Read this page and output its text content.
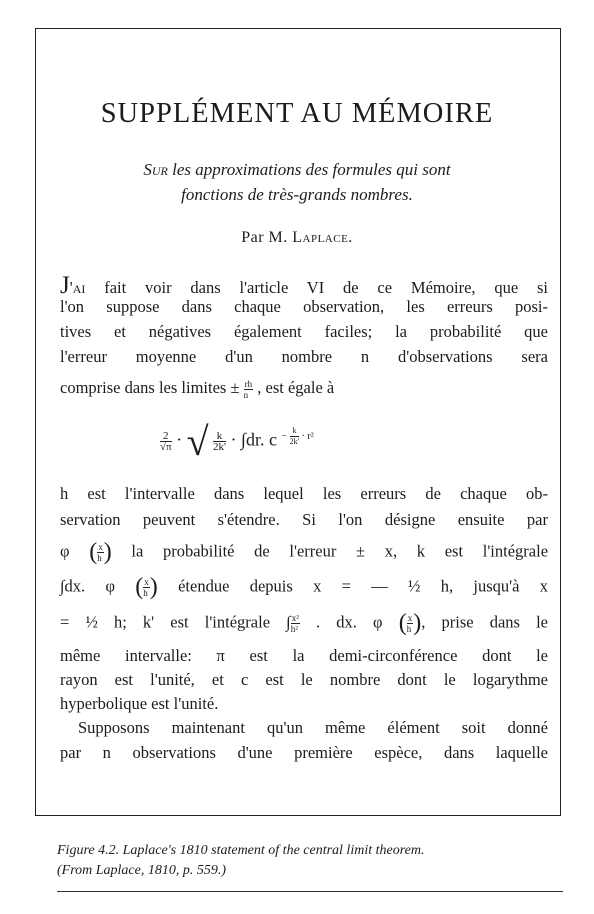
SUPPLÉMENT AU MÉMOIRE
Sur les approximations des formules qui sont
fonctions de très-grands nombres.
Par M. Laplace.
J'ai fait voir dans l'article VI de ce Mémoire, que si
l'on suppose dans chaque observation, les erreurs posi-
tives et négatives également faciles; la probabilité que
l'erreur moyenne d'un nombre n d'observations sera
comprise dans les limites ± $\frac{rh}{n}$ , est égale à
$\frac{2}{√\pi}$ · √ $\frac{k}{2k'} \cdot \int dr$. c $^{- \frac{k}{2k'} \cdot r^2}$
h est l'intervalle dans lequel les erreurs de chaque ob-
servation peuvent s'étendre. Si l'on désigne ensuite par
φ ( $\frac{x}{h}$ ) la probabilité de l'erreur ± x, k est l'intégrale
∫dx. φ ( $\frac{x}{h}$ ) étendue depuis x = — ½ h, jusqu'à x
= ½ h; k' est l'intégrale ∫ $\frac{\text{x²}}{\text{h²}}$ . dx. φ ( $\frac{x}{h}$ ), prise dans le
même intervalle: π est la demi-circonférence dont le
rayon est l'unité, et c est le nombre dont le logarythme
hyperbolique est l'unité.
Supposons maintenant qu'un même élément soit donné
par n observations d'une première espèce, dans laquelle
Figure 4.2. Laplace's 1810 statement of the central limit theorem.
(From Laplace, 1810, p. 559.)
